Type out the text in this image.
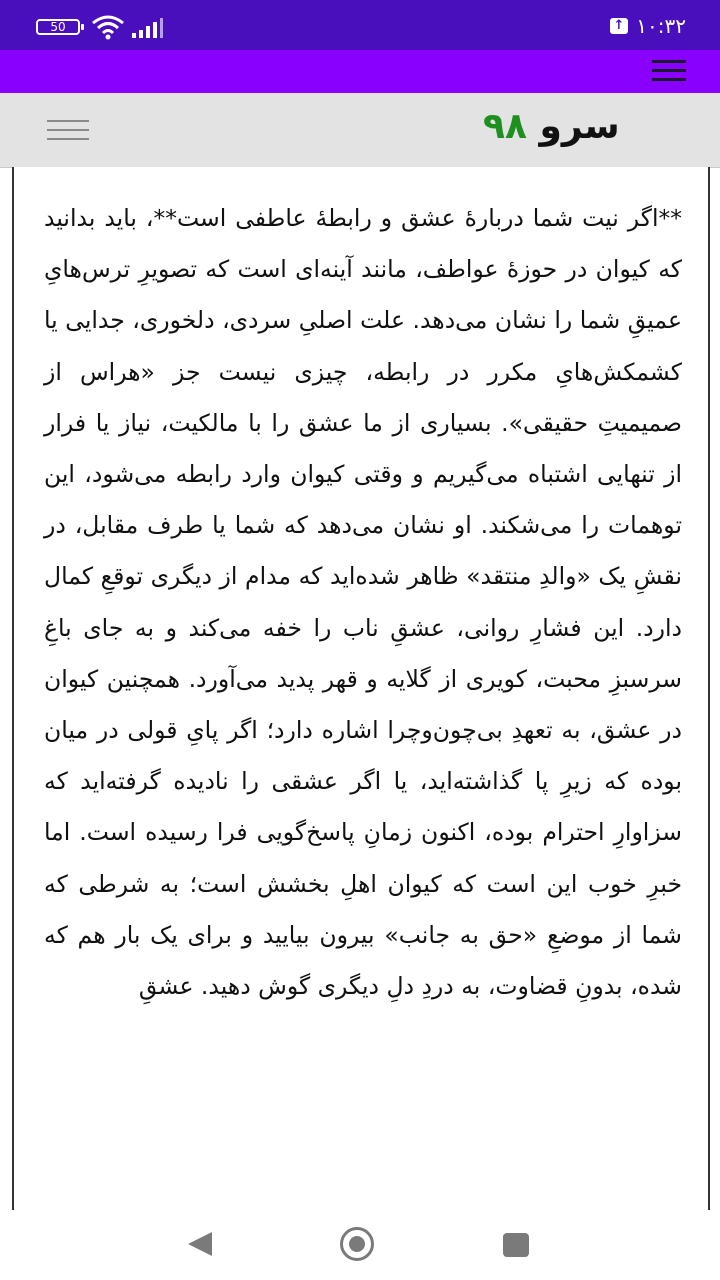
50	↑ ۱۰:۳۲
سرو ۹۸

**اگر نیت شما دربارهٔ عشق و رابطهٔ عاطفی است**، باید بدانید که کیوان در حوزهٔ عواطف، مانند آینه‌ای است که تصویرِ ترس‌هایِ عمیقِ شما را نشان می‌دهد. علت اصلیِ سردی، دلخوری، جدایی یا کشمکش‌هایِ مکرر در رابطه، چیزی نیست جز «هراس از صمیمیتِ حقیقی». بسیاری از ما عشق را با مالکیت، نیاز یا فرار از تنهایی اشتباه می‌گیریم و وقتی کیوان وارد رابطه می‌شود، این توهمات را می‌شکند. او نشان می‌دهد که شما یا طرف مقابل، در نقشِ یک «والدِ منتقد» ظاهر شده‌اید که مدام از دیگری توقعِ کمال دارد. این فشارِ روانی، عشقِ ناب را خفه می‌کند و به جای باغِ سرسبزِ محبت، کویری از گلایه و قهر پدید می‌آورد. همچنین کیوان در عشق، به تعهدِ بی‌چون‌وچرا اشاره دارد؛ اگر پایِ قولی در میان بوده که زیرِ پا گذاشته‌اید، یا اگر عشقی را نادیده گرفته‌اید که سزاوارِ احترام بوده، اکنون زمانِ پاسخ‌گویی فرا رسیده است. اما خبرِ خوب این است که کیوان اهلِ بخشش است؛ به شرطی که شما از موضعِ «حق به جانب» بیرون بیایید و برای یک بار هم که شده، بدونِ قضاوت، به دردِ دلِ دیگری گوش دهید. عشقِ
